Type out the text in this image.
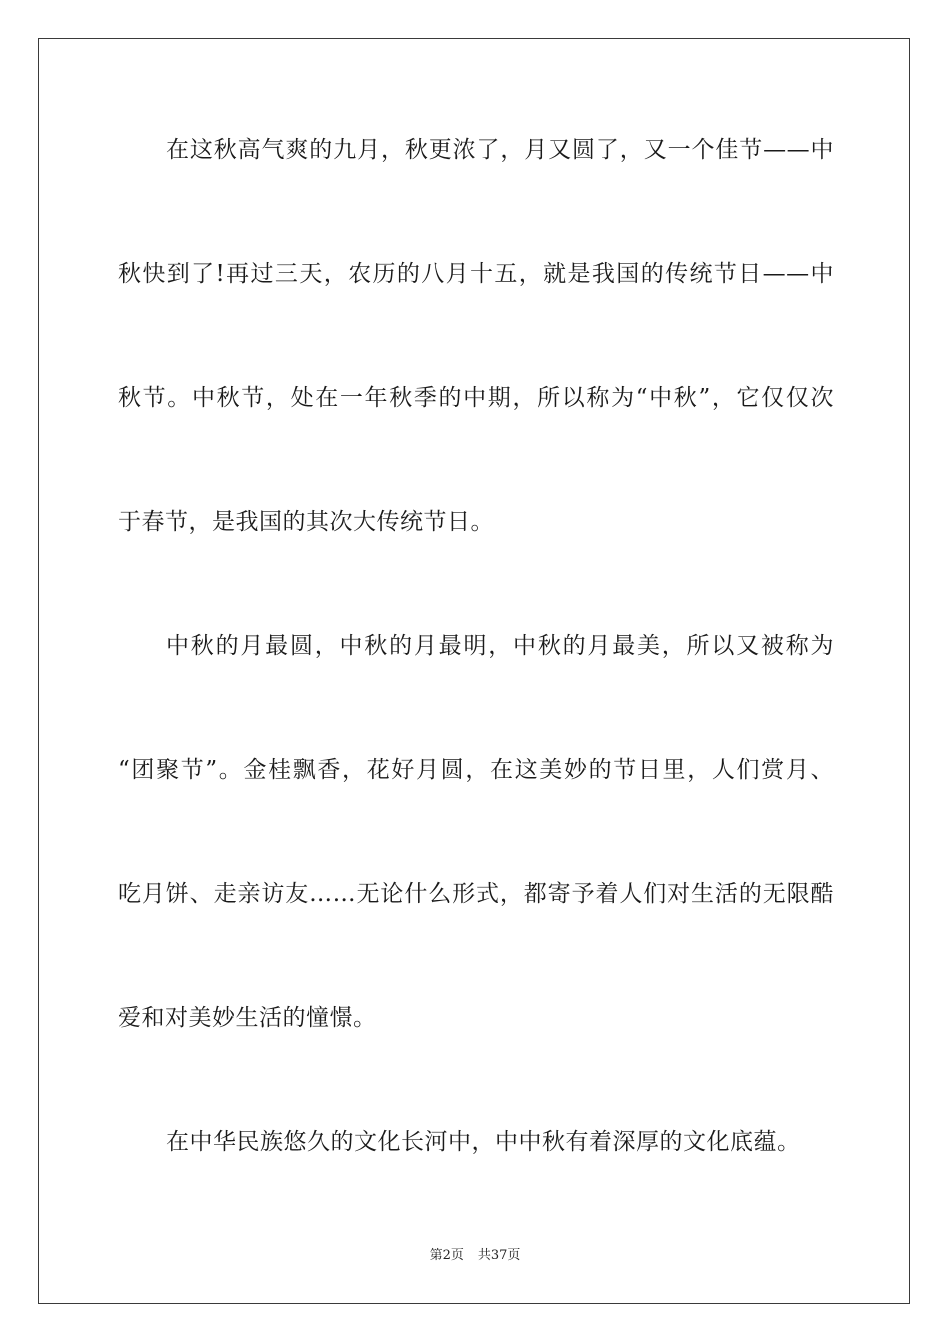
在这秋高气爽的九月，秋更浓了，月又圆了，又一个佳节——中
秋快到了!再过三天，农历的八月十五，就是我国的传统节日——中
秋节。中秋节，处在一年秋季的中期，所以称为“中秋”，它仅仅次
于春节，是我国的其次大传统节日。
中秋的月最圆，中秋的月最明，中秋的月最美，所以又被称为
“团聚节”。金桂飘香，花好月圆，在这美妙的节日里，人们赏月、
吃月饼、走亲访友……无论什么形式，都寄予着人们对生活的无限酷
爱和对美妙生活的憧憬。
在中华民族悠久的文化长河中，中中秋有着深厚的文化底蕴。
第2页 共37页
